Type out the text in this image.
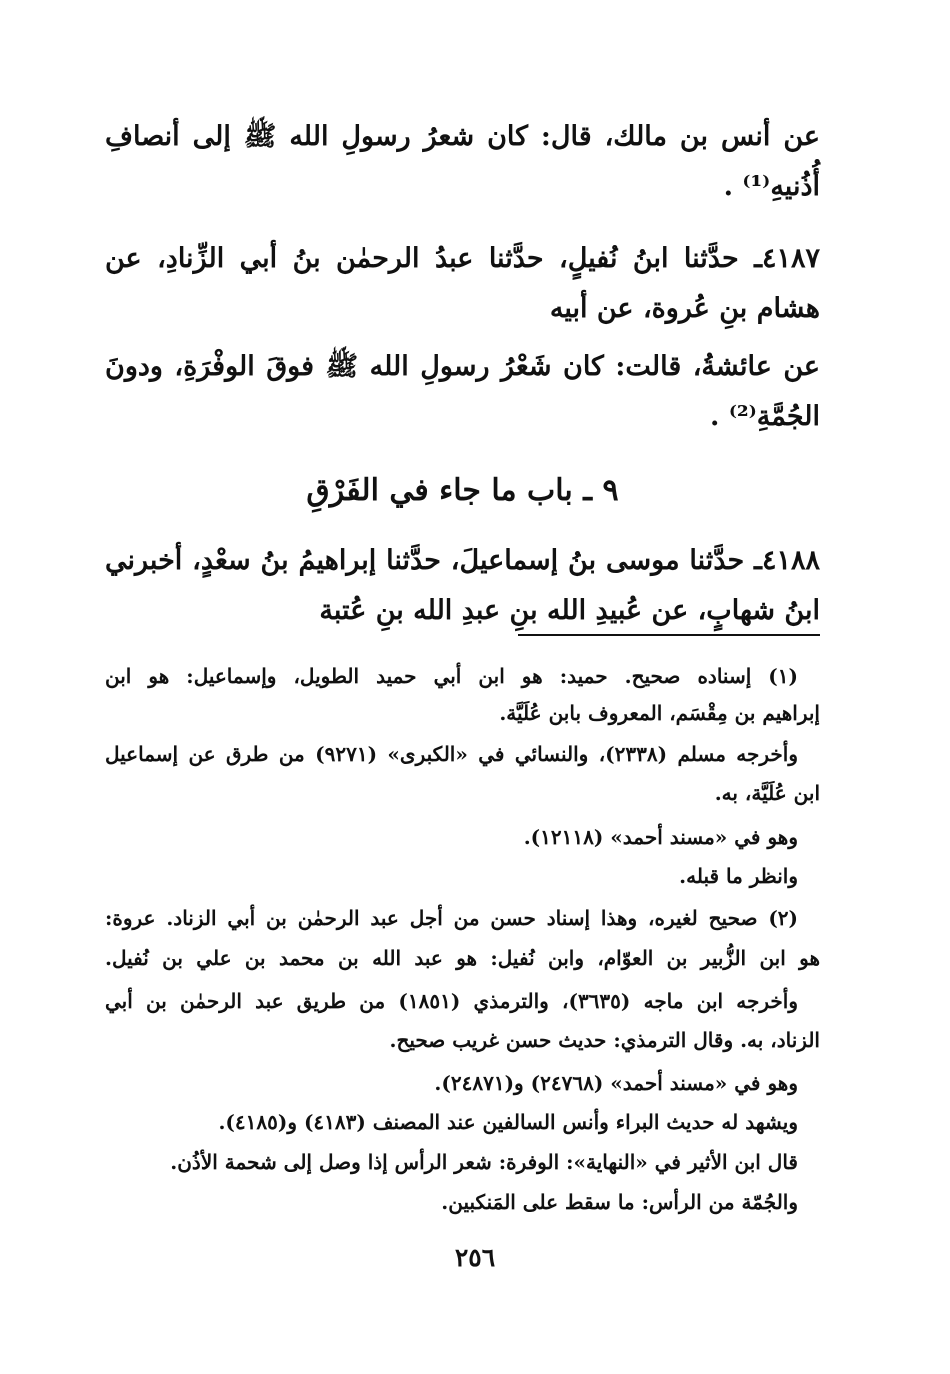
عن أنس بن مالك، قال: كان شعرُ رسولِ الله ﷺ إلى أنصافِ أُذُنيهِ⁽¹⁾ .

٤١٨٧ـ حدَّثنا ابنُ نُفيلٍ، حدَّثنا عبدُ الرحمٰن بنُ أبي الزِّنادِ، عن هشام بنِ عُروة، عن أبيه

عن عائشةُ، قالت: كان شَعْرُ رسولِ الله ﷺ فوقَ الوفْرَةِ، ودونَ الجُمَّةِ⁽²⁾ .

٩ ـ باب ما جاء في الفَرْقِ

٤١٨٨ـ حدَّثنا موسى بنُ إسماعيلَ، حدَّثنا إبراهيمُ بنُ سعْدٍ، أخبرني ابنُ شهابٍ، عن عُبيدِ الله بنِ عبدِ الله بنِ عُتبة

(١) إسناده صحيح. حميد: هو ابن أبي حميد الطويل، وإسماعيل: هو ابن

إبراهيم بن مِقْسَم، المعروف بابن عُلَيَّة.

وأخرجه مسلم (٢٣٣٨)، والنسائي في «الكبرى» (٩٢٧١) من طرق عن إسماعيل

ابن عُلَيَّة، به.

وهو في «مسند أحمد» (١٢١١٨).

وانظر ما قبله.

(٢) صحيح لغيره، وهذا إسناد حسن من أجل عبد الرحمٰن بن أبي الزناد. عروة:

هو ابن الزُّبير بن العوّام، وابن نُفيل: هو عبد الله بن محمد بن علي بن نُفيل.

وأخرجه ابن ماجه (٣٦٣٥)، والترمذي (١٨٥١) من طريق عبد الرحمٰن بن أبي

الزناد، به. وقال الترمذي: حديث حسن غريب صحيح.

وهو في «مسند أحمد» (٢٤٧٦٨) و(٢٤٨٧١).

ويشهد له حديث البراء وأنس السالفين عند المصنف (٤١٨٣) و(٤١٨٥).

قال ابن الأثير في «النهاية»: الوفرة: شعر الرأس إذا وصل إلى شحمة الأذُن.

والجُمّة من الرأس: ما سقط على المَنكبين.

٢٥٦
